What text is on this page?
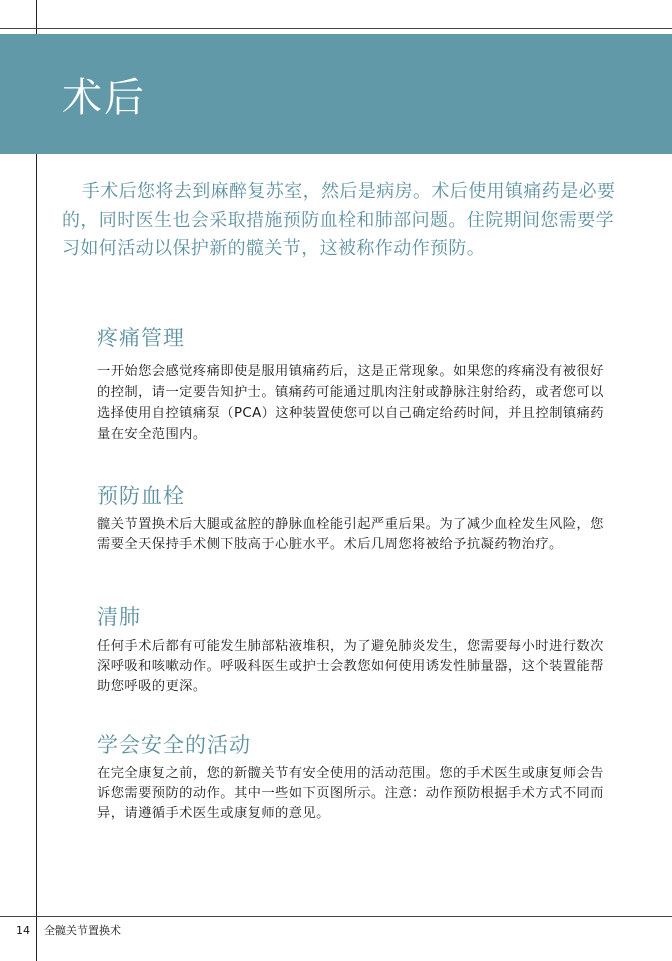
术后

手术后您将去到麻醉复苏室，然后是病房。术后使用镇痛药是必要的，同时医生也会采取措施预防血栓和肺部问题。住院期间您需要学习如何活动以保护新的髋关节，这被称作动作预防。

疼痛管理

一开始您会感觉疼痛即使是服用镇痛药后，这是正常现象。如果您的疼痛没有被很好的控制，请一定要告知护士。镇痛药可能通过肌肉注射或静脉注射给药，或者您可以选择使用自控镇痛泵（PCA）这种装置使您可以自己确定给药时间，并且控制镇痛药量在安全范围内。

预防血栓

髋关节置换术后大腿或盆腔的静脉血栓能引起严重后果。为了减少血栓发生风险，您需要全天保持手术侧下肢高于心脏水平。术后几周您将被给予抗凝药物治疗。

清肺

任何手术后都有可能发生肺部粘液堆积，为了避免肺炎发生，您需要每小时进行数次深呼吸和咳嗽动作。呼吸科医生或护士会教您如何使用诱发性肺量器，这个装置能帮助您呼吸的更深。

学会安全的活动

在完全康复之前，您的新髋关节有安全使用的活动范围。您的手术医生或康复师会告诉您需要预防的动作。其中一些如下页图所示。注意：动作预防根据手术方式不同而异，请遵循手术医生或康复师的意见。

14 全髋关节置换术
